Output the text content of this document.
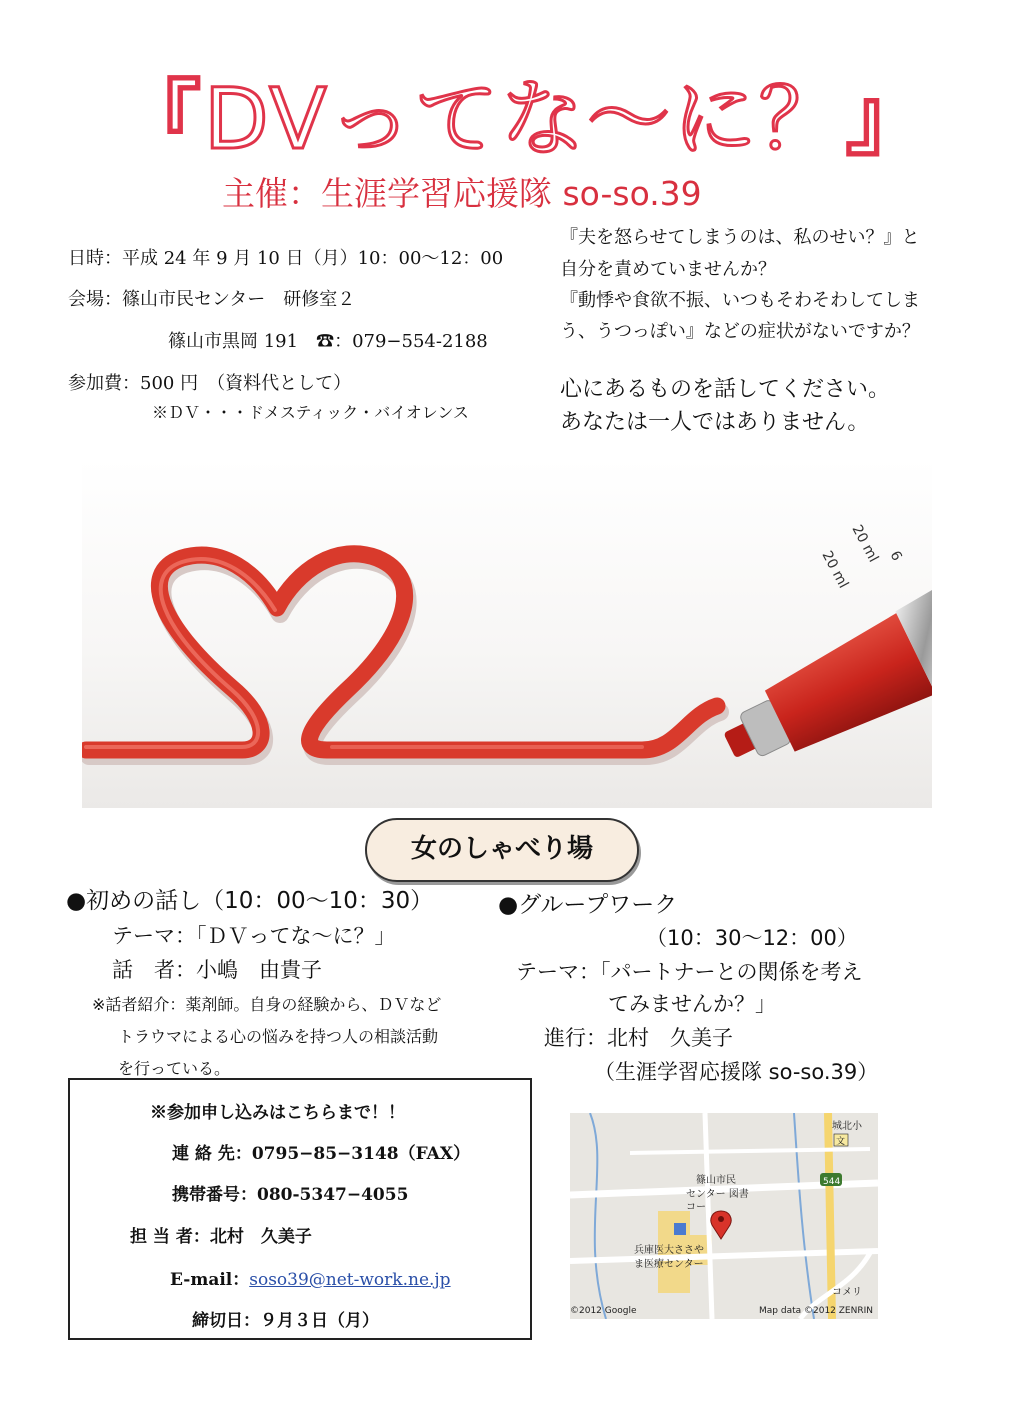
『DVってな〜に？』
主催：生涯学習応援隊 so-so.39
日時：平成 24 年 9 月 10 日（月）10：00〜12：00
会場：篠山市民センター　研修室２
篠山市黒岡 191　☎：079−554-2188
参加費：500 円　（資料代として）
※ＤＶ・・・ドメスティック・バイオレンス
『夫を怒らせてしまうのは、私のせい？』と
自分を責めていませんか？
『動悸や食欲不振、いつもそわそわしてしま
う、うつっぽい』などの症状がないですか？
心にあるものを話してください。
あなたは一人ではありません。
20 ml
20 ml 6
女のしゃべり場
●初めの話し（10：00〜10：30）
テーマ：「ＤＶってな〜に？」
話　者：小嶋　由貴子
※話者紹介：薬剤師。自身の経験から、ＤＶなど
トラウマによる心の悩みを持つ人の相談活動
を行っている。
●グループワーク
（10：30〜12：00）
テーマ：「パートナーとの関係を考え
てみませんか？」
進行：北村　久美子
（生涯学習応援隊 so-so.39）
※参加申し込みはこちらまで！！
連 絡 先：0795−85−3148（FAX）
携帯番号：080-5347−4055
担 当 者：北村　久美子
E-mail：soso39@net-work.ne.jp
締切日：９月３日（月）
544
城北小
文
篠山市民
センター 図書
コー
兵庫医大ささや
ま医療センター
コメリ
©2012 Google	Map data ©2012 ZENRIN
